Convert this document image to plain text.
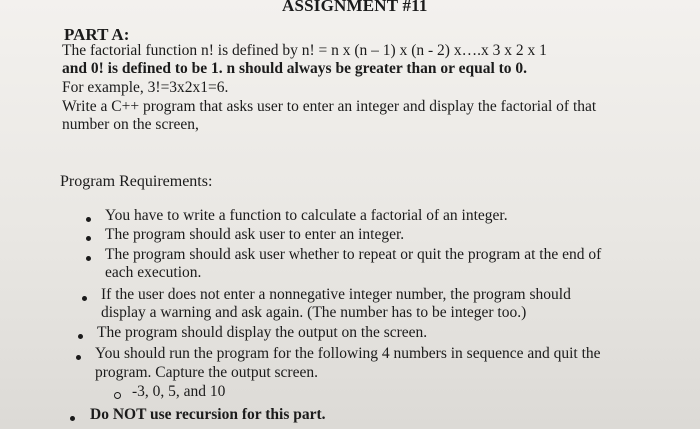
ASSIGNMENT #11
PART A:
The factorial function n! is defined by n! = n x (n – 1) x (n - 2) x….x 3 x 2 x 1
and 0! is defined to be 1. n should always be greater than or equal to 0.
For example, 3!=3x2x1=6.
Write a C++ program that asks user to enter an integer and display the factorial of that
number on the screen,
Program Requirements:
You have to write a function to calculate a factorial of an integer.
The program should ask user to enter an integer.
The program should ask user whether to repeat or quit the program at the end of
each execution.
If the user does not enter a nonnegative integer number, the program should
display a warning and ask again. (The number has to be integer too.)
The program should display the output on the screen.
You should run the program for the following 4 numbers in sequence and quit the
program. Capture the output screen.
-3, 0, 5, and 10
Do NOT use recursion for this part.
